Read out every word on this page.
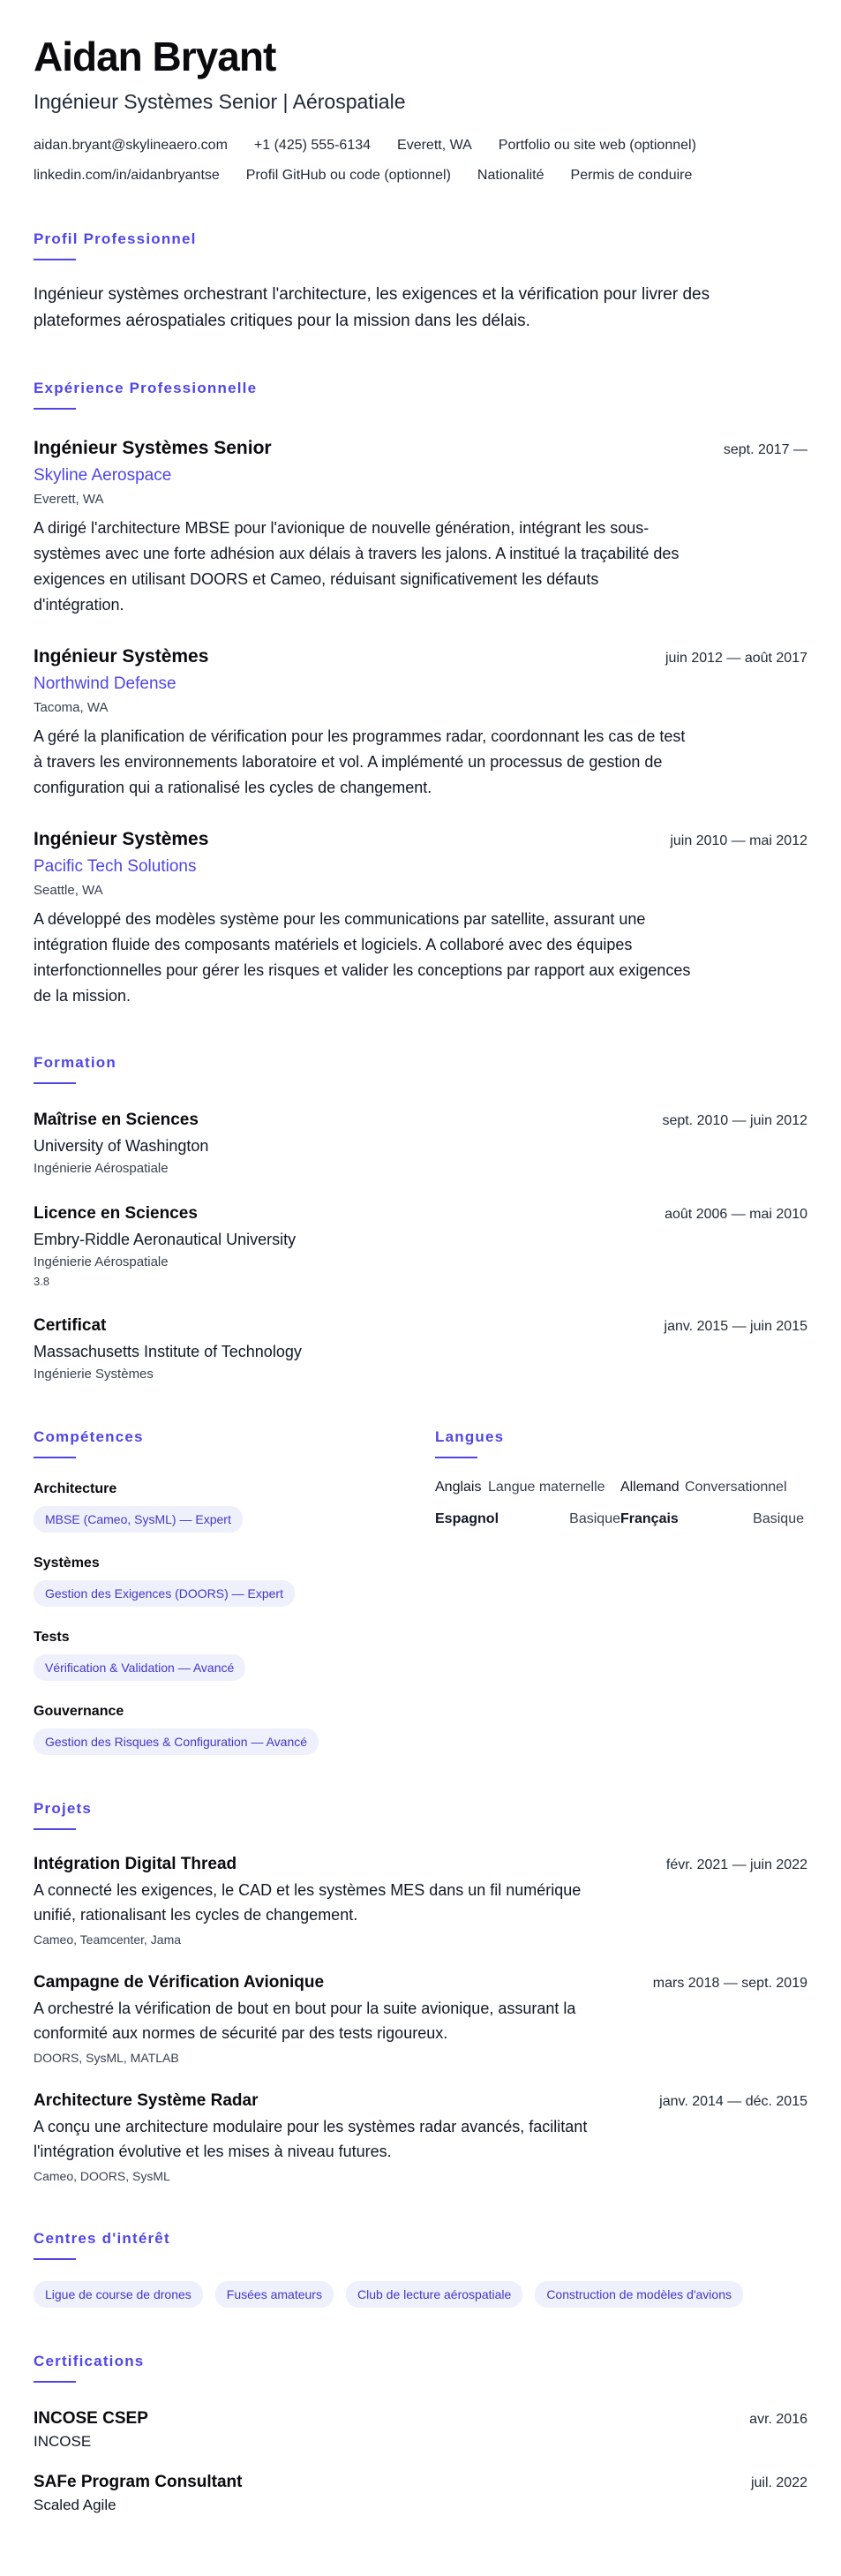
Aidan Bryant
Ingénieur Systèmes Senior | Aérospatiale
aidan.bryant@skylineaero.com +1 (425) 555-6134 Everett, WA Portfolio ou site web (optionnel)
linkedin.com/in/aidanbryantse Profil GitHub ou code (optionnel) Nationalité Permis de conduire
Profil Professionnel
Ingénieur systèmes orchestrant l'architecture, les exigences et la vérification pour livrer des plateformes aérospatiales critiques pour la mission dans les délais.
Expérience Professionnelle
Ingénieur Systèmes Senior	sept. 2017 —
Skyline Aerospace
Everett, WA
A dirigé l'architecture MBSE pour l'avionique de nouvelle génération, intégrant les sous-systèmes avec une forte adhésion aux délais à travers les jalons. A institué la traçabilité des exigences en utilisant DOORS et Cameo, réduisant significativement les défauts d'intégration.
Ingénieur Systèmes	juin 2012 — août 2017
Northwind Defense
Tacoma, WA
A géré la planification de vérification pour les programmes radar, coordonnant les cas de test à travers les environnements laboratoire et vol. A implémenté un processus de gestion de configuration qui a rationalisé les cycles de changement.
Ingénieur Systèmes	juin 2010 — mai 2012
Pacific Tech Solutions
Seattle, WA
A développé des modèles système pour les communications par satellite, assurant une intégration fluide des composants matériels et logiciels. A collaboré avec des équipes interfonctionnelles pour gérer les risques et valider les conceptions par rapport aux exigences de la mission.
Formation
Maîtrise en Sciences	sept. 2010 — juin 2012
University of Washington
Ingénierie Aérospatiale
Licence en Sciences	août 2006 — mai 2010
Embry-Riddle Aeronautical University
Ingénierie Aérospatiale
3.8
Certificat	janv. 2015 — juin 2015
Massachusetts Institute of Technology
Ingénierie Systèmes
Compétences
Architecture
MBSE (Cameo, SysML) — Expert
Systèmes
Gestion des Exigences (DOORS) — Expert
Tests
Vérification & Validation — Avancé
Gouvernance
Gestion des Risques & Configuration — Avancé
Langues
Anglais Langue maternelle	Allemand Conversationnel
Espagnol	Basique Français	Basique
Projets
Intégration Digital Thread	févr. 2021 — juin 2022
A connecté les exigences, le CAD et les systèmes MES dans un fil numérique unifié, rationalisant les cycles de changement.
Cameo, Teamcenter, Jama
Campagne de Vérification Avionique	mars 2018 — sept. 2019
A orchestré la vérification de bout en bout pour la suite avionique, assurant la conformité aux normes de sécurité par des tests rigoureux.
DOORS, SysML, MATLAB
Architecture Système Radar	janv. 2014 — déc. 2015
A conçu une architecture modulaire pour les systèmes radar avancés, facilitant l'intégration évolutive et les mises à niveau futures.
Cameo, DOORS, SysML
Centres d'intérêt
Ligue de course de drones	Fusées amateurs	Club de lecture aérospatiale	Construction de modèles d'avions
Certifications
INCOSE CSEP	avr. 2016
INCOSE
SAFe Program Consultant	juil. 2022
Scaled Agile
